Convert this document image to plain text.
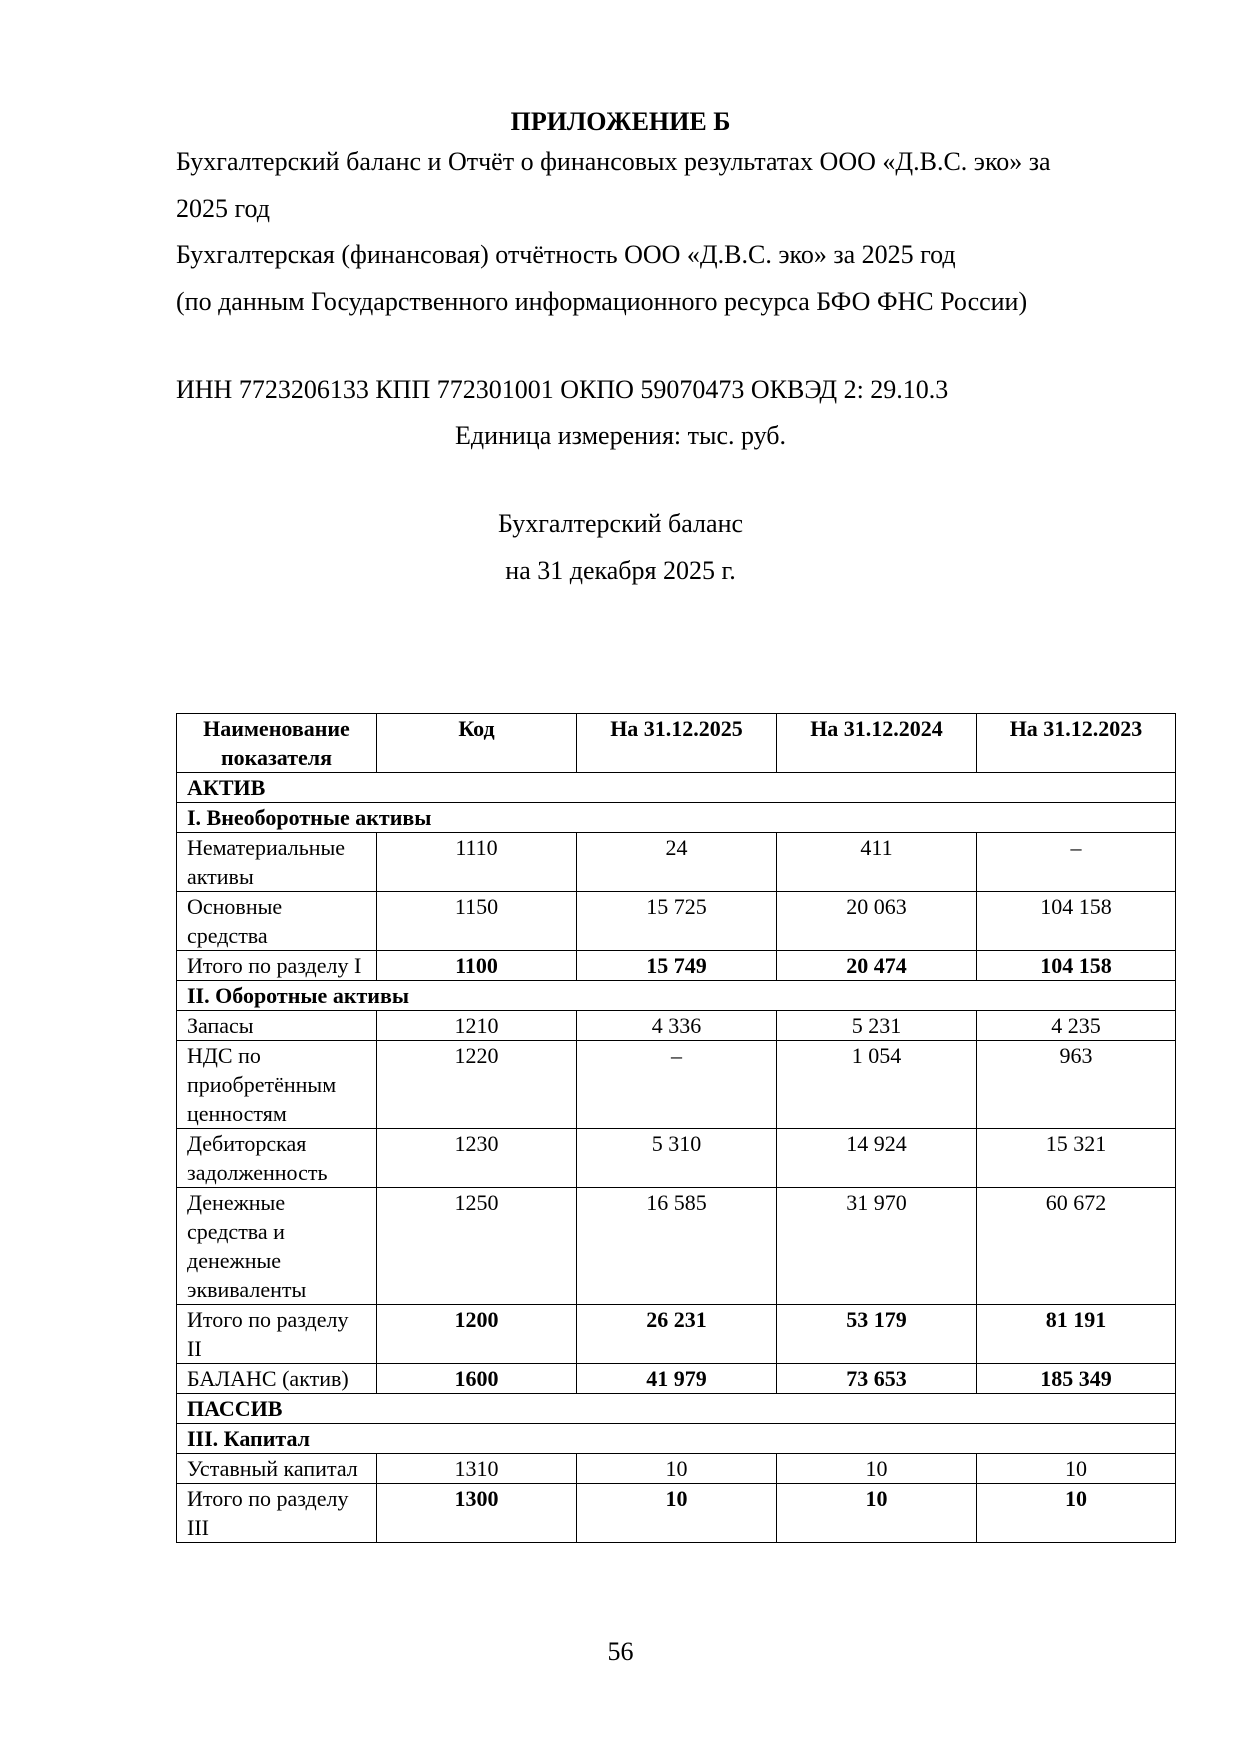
ПРИЛОЖЕНИЕ Б
Бухгалтерский баланс и Отчёт о финансовых результатах ООО «Д.В.С. эко» за
2025 год
Бухгалтерская (финансовая) отчётность ООО «Д.В.С. эко» за 2025 год
(по данным Государственного информационного ресурса БФО ФНС России)
ИНН 7723206133 КПП 772301001 ОКПО 59070473 ОКВЭД 2: 29.10.3
Единица измерения: тыс. руб.
Бухгалтерский баланс
на 31 декабря 2025 г.
Наименование показателя	Код	На 31.12.2025	На 31.12.2024	На 31.12.2023
АКТИВ				
I. Внеоборотные активы				
Нематериальные активы	1110	24	411	–
Основные средства	1150	15 725	20 063	104 158
Итого по разделу I	1100	15 749	20 474	104 158
II. Оборотные активы				
Запасы	1210	4 336	5 231	4 235
НДС по приобретённым ценностям	1220	–	1 054	963
Дебиторская задолженность	1230	5 310	14 924	15 321
Денежные средства и денежные эквиваленты	1250	16 585	31 970	60 672
Итого по разделу II	1200	26 231	53 179	81 191
БАЛАНС (актив)	1600	41 979	73 653	185 349
ПАССИВ				
III. Капитал				
Уставный капитал	1310	10	10	10
Итого по разделу III	1300	10	10	10
56
